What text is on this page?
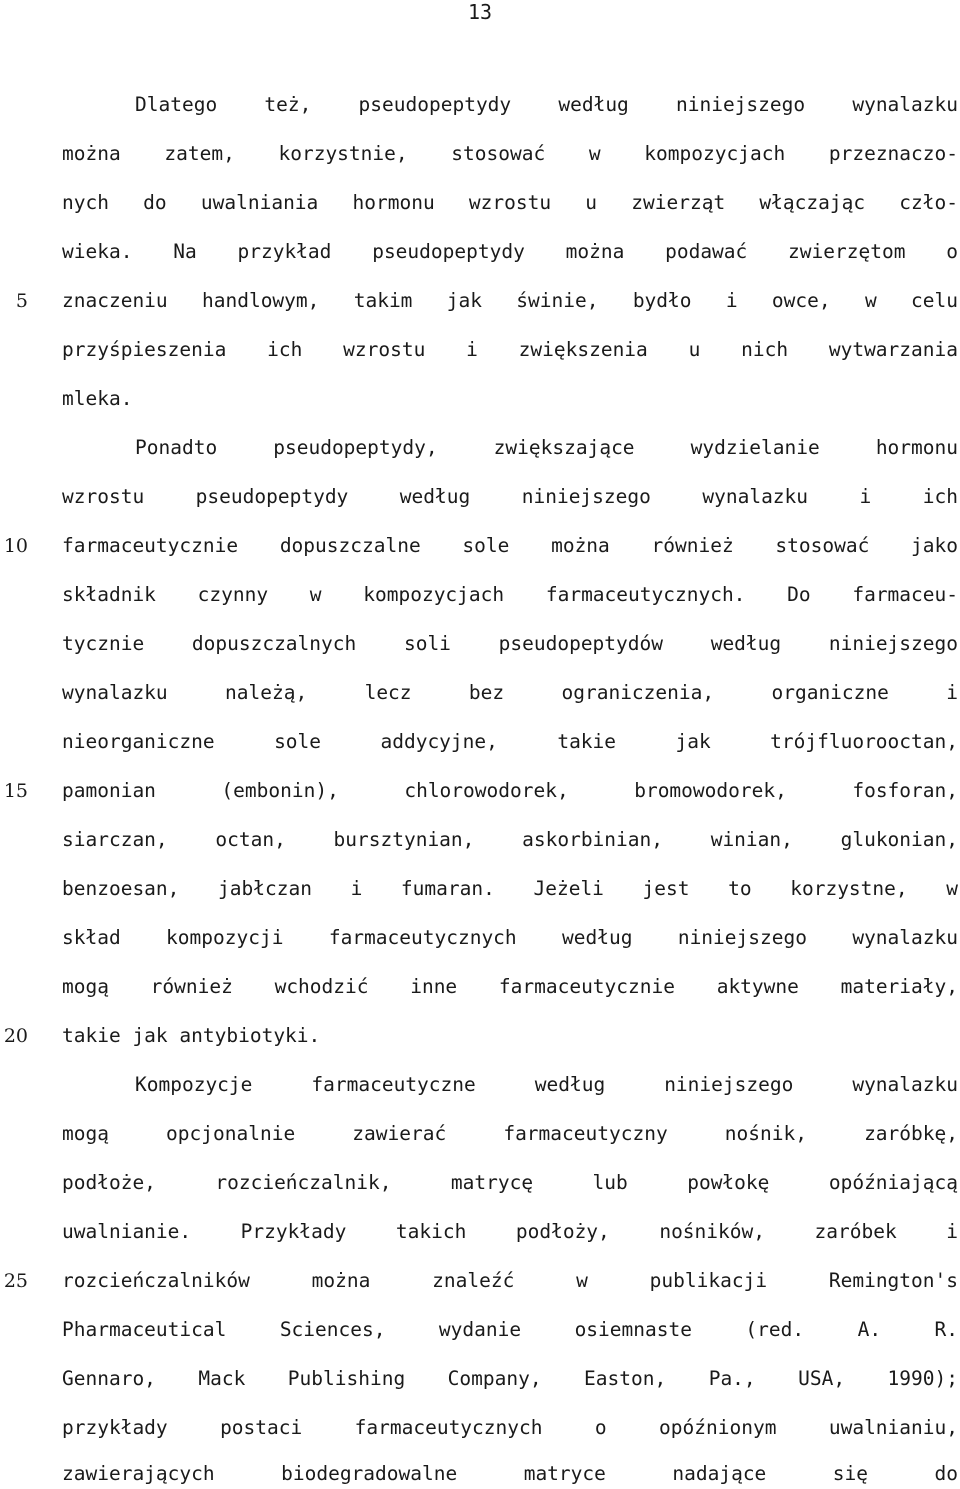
13
5
10
15
20
25
Dlatego też, pseudopeptydy według niniejszego wynalazku
można zatem, korzystnie, stosować w kompozycjach przeznaczo-
nych do uwalniania hormonu wzrostu u zwierząt włączając czło-
wieka. Na przykład pseudopeptydy można podawać zwierzętom o
znaczeniu handlowym, takim jak świnie, bydło i owce, w celu
przyśpieszenia ich wzrostu i zwiększenia u nich wytwarzania
mleka.
Ponadto pseudopeptydy, zwiększające wydzielanie hormonu
wzrostu pseudopeptydy według niniejszego wynalazku i ich
farmaceutycznie dopuszczalne sole można również stosować jako
składnik czynny w kompozycjach farmaceutycznych. Do farmaceu-
tycznie dopuszczalnych soli pseudopeptydów według niniejszego
wynalazku należą, lecz bez ograniczenia, organiczne i
nieorganiczne sole addycyjne, takie jak trójfluorooctan,
pamonian (embonin), chlorowodorek, bromowodorek, fosforan,
siarczan, octan, bursztynian, askorbinian, winian, glukonian,
benzoesan, jabłczan i fumaran. Jeżeli jest to korzystne, w
skład kompozycji farmaceutycznych według niniejszego wynalazku
mogą również wchodzić inne farmaceutycznie aktywne materiały,
takie jak antybiotyki.
Kompozycje farmaceutyczne według niniejszego wynalazku
mogą opcjonalnie zawierać farmaceutyczny nośnik, zaróbkę,
podłoże, rozcieńczalnik, matrycę lub powłokę opóźniającą
uwalnianie. Przykłady takich podłoży, nośników, zaróbek i
rozcieńczalników można znaleźć w publikacji Remington's
Pharmaceutical Sciences, wydanie osiemnaste (red. A. R.
Gennaro, Mack Publishing Company, Easton, Pa., USA, 1990);
przykłady postaci farmaceutycznych o opóźnionym uwalnianiu,
zawierających biodegradowalne matryce nadające się do
